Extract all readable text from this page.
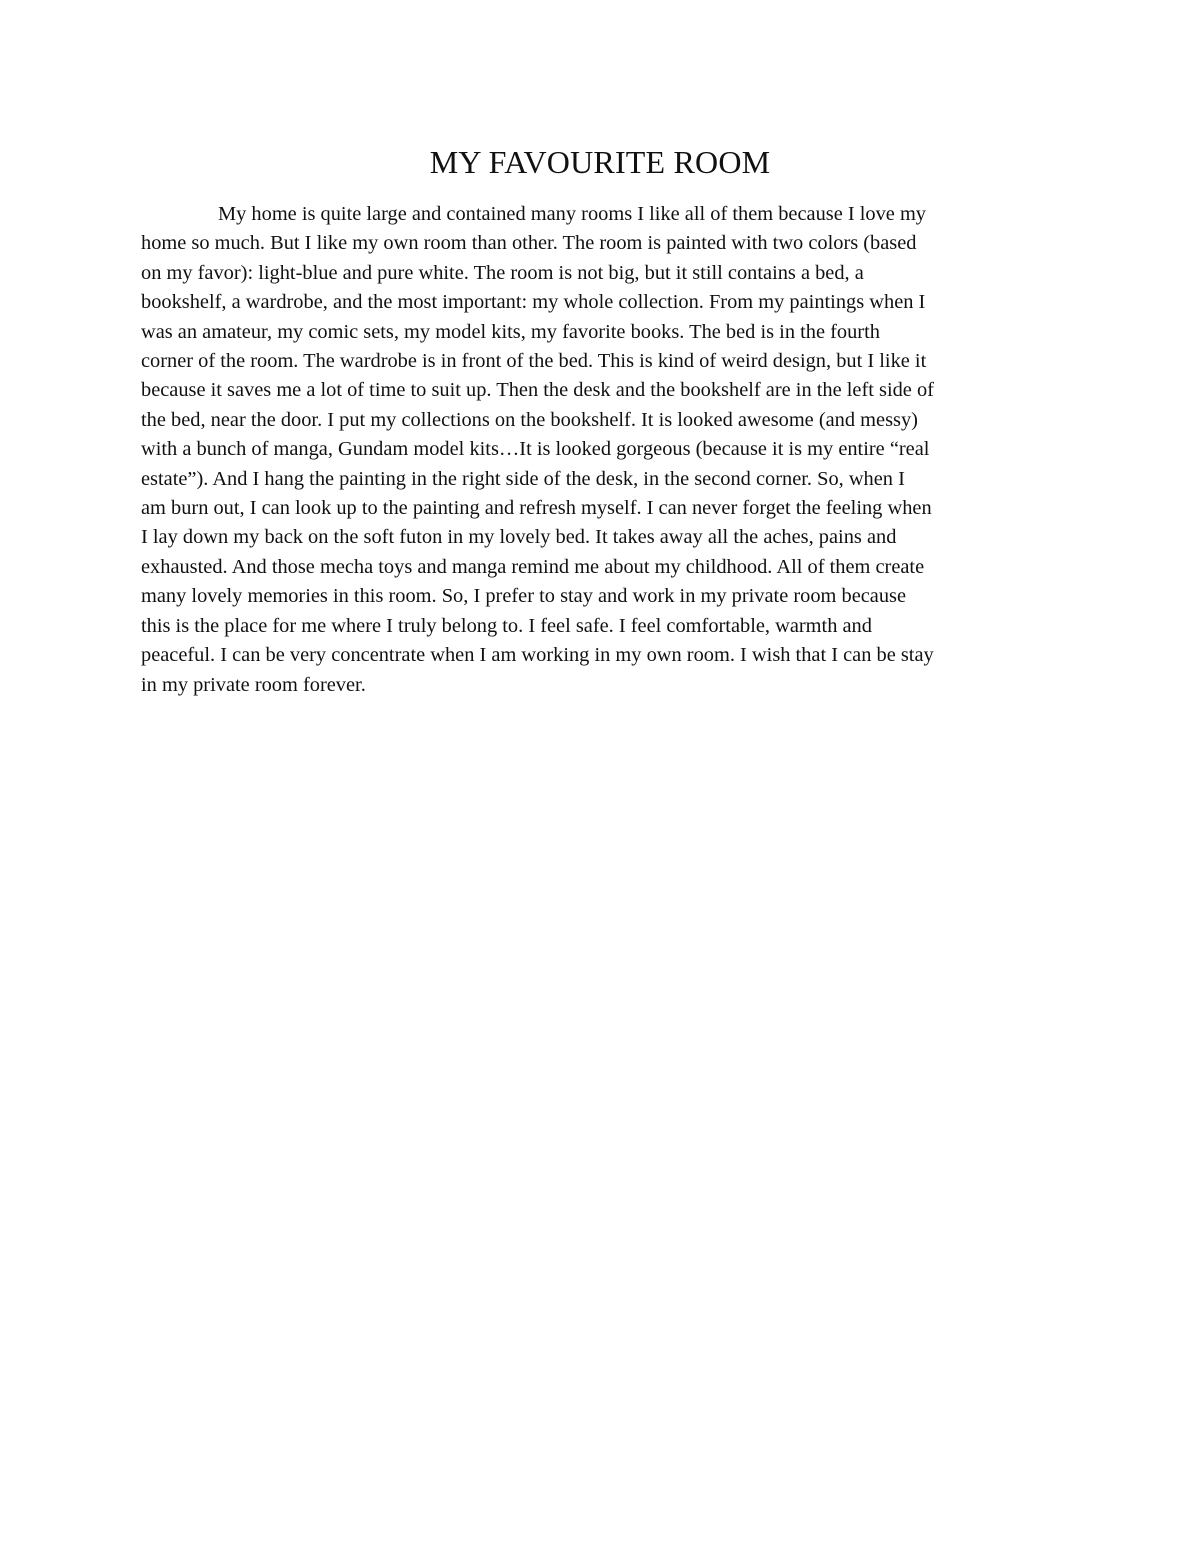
MY FAVOURITE ROOM

My home is quite large and contained many rooms I like all of them because I love my
home so much. But I like my own room than other. The room is painted with two colors (based
on my favor): light-blue and pure white. The room is not big, but it still contains a bed, a
bookshelf, a wardrobe, and the most important: my whole collection. From my paintings when I
was an amateur, my comic sets, my model kits, my favorite books. The bed is in the fourth
corner of the room. The wardrobe is in front of the bed. This is kind of weird design, but I like it
because it saves me a lot of time to suit up. Then the desk and the bookshelf are in the left side of
the bed, near the door. I put my collections on the bookshelf. It is looked awesome (and messy)
with a bunch of manga, Gundam model kits…It is looked gorgeous (because it is my entire “real
estate”). And I hang the painting in the right side of the desk, in the second corner. So, when I
am burn out, I can look up to the painting and refresh myself. I can never forget the feeling when
I lay down my back on the soft futon in my lovely bed. It takes away all the aches, pains and
exhausted. And those mecha toys and manga remind me about my childhood. All of them create
many lovely memories in this room. So, I prefer to stay and work in my private room because
this is the place for me where I truly belong to. I feel safe. I feel comfortable, warmth and
peaceful. I can be very concentrate when I am working in my own room. I wish that I can be stay
in my private room forever.
